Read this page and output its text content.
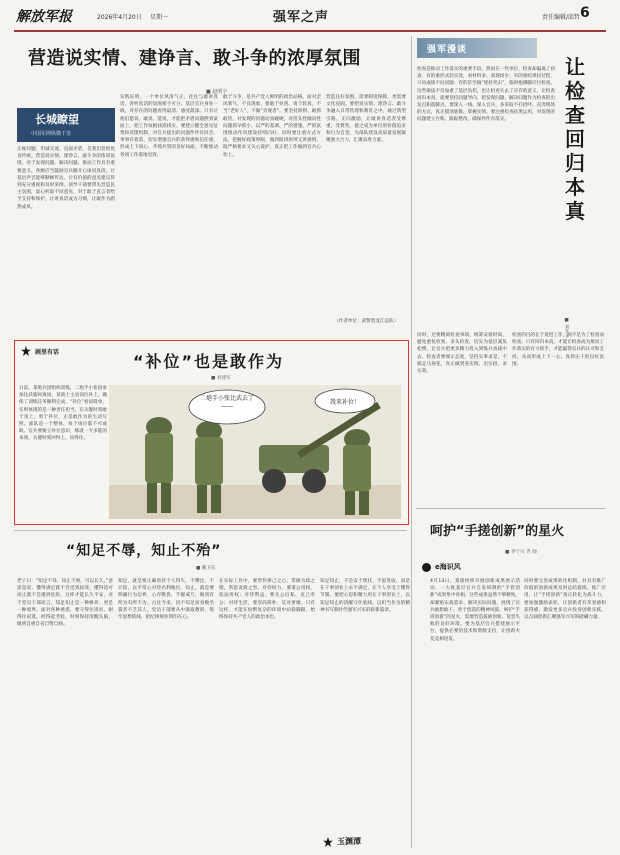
解放军报	2026年4月20日 星期一	强军之声	责任编辑/邱哲 6
营造说实情、建诤言、敢斗争的浓厚氛围
■ 赵明宇
长城瞭望
中国军网纵横千里
正视问题、坦诚交流、直面矛盾，是我们党的优良传统。营造说实情、建诤言、敢斗争的浓厚氛围，对于发现问题、解决问题、推动工作具有重要意义。各级应当鼓励官兵敞开心扉说真话，让基层声音能够顺畅传达，让有价值的意见建议得到充分重视和及时采纳。领导干部要带头营造民主氛围，虚心听取不同意见，对于敢于直言者给予支持和保护，让讲真话成为习惯，让敢作为蔚然成风。
实践证明，一个单位风清气正，往往与敢讲真话、善听真话的氛围密不可分。基层官兵身处一线，对存在的问题看得最清、感受最深。只有让他们愿说、敢说、能说，才能把矛盾问题摆到桌面上，把工作短板找准找实。要建立健全意见征集和反馈机制，对官兵提出的问题件件有回音、事事有着落，切实增强官兵的获得感和信任感，形成上下同心、齐抓共管的良好局面，不断推动各项工作落地见效。
敢于斗争，是共产党人鲜明的政治品格。面对歪风邪气、不良现象，要敢于亮剑、勇于较真，不当“老好人”，不做“旁观者”。要坚持原则、敢抓敢管，对发现的问题动真碰硬，对苗头性倾向性问题抓早抓小，以严的基调、严的措施、严的氛围推动作风建设持续向好。同时要注重方式方法，把握好政策界限，做到既讲原则又讲感情，既严格要求又关心爱护，真正把工作做到官兵心坎上。
营造良好氛围，需要制度保障，更需要文化浸润。要把说实情、建诤言、敢斗争融入日常管理和教育之中，通过典型引路、正向激励，让敢讲真话者受尊重、受褒奖，使之成为单位的价值追求和行为自觉，为部队建设高质量发展凝聚强大合力，汇聚奋进力量。
（作者单位：武警黑龙江总队）
强军漫谈
让检查回归本真
■ 刘升平
检查是推动工作落实的重要手段。然而在一些单位，检查却偏离了初衷：有的重形式轻实效，看材料多、看现场少；有的重结果轻过程，只问成绩不问问题；有的甚至搞“迎检突击”，临时抱佛脚应付检查。这些做法不仅加重了基层负担，也让检查失去了应有的意义。让检查回归本真，就要坚持问题导向，把发现问题、解决问题作为检查的出发点和落脚点。要深入一线、深入官兵，多采取不打招呼、直奔现场的方式，真正摸清底数、掌握实情。要注重检查结果运用，对发现的问题建立台账、跟踪整改，确保件件有落实。
同时，还要精简检查事项，统筹安排时间，避免重复检查、多头检查，切实为基层减负松绑，让官兵把更多精力投入到练兵备战中去。检查者要端正态度，坚持实事求是，不搞走马观花，真正做到查实情、出实招、求实效。
检查的目的在于促进工作，而不是为了检查而检查。只有回归本真，才能让检查成为推动工作落实的有力抓手，才能赢得官兵的认可和支持，从而形成上下一心、真抓实干的良好氛围。
呵护“手搓创新”的星火
■ 李宁川 齐 帅
e海识风
4月13日，某旅组织开展创新成果展示活动，一大批基层官兵自发研制的“手搓创新”成果集中亮相。这些成果虽然不够精致，却紧贴实战需求、解决实际问题，展现了官兵敢想敢干、善于创造的精神风貌。呵护“手搓创新”的星火，需要营造鼓励创新、宽容失败的良好环境。要为基层官兵搭建展示平台，提供必要的技术和资源支持，让创新火花竞相迸发。
同时要完善成果转化机制，对具有推广价值的创新成果及时总结提炼、推广应用，让“手搓创新”真正转化为战斗力。要加强激励表彰，让创新者有荣誉感和获得感，激发更多官兵投身创新实践，以点滴创新汇聚强军兴军的磅礴力量。
画里有话	“补位”也是敢作为
■ 刘建军
日前，某炮兵团组织训练，二炮手小张因参加比武临时离岗，某战士主动顶位补上，确保了训练任务顺利完成。“补位”看似简单，实则体现的是一种责任担当。在关键时刻敢于顶上、勇于补位，正是敢作为的生动写照。部队是一个整体，每个岗位都不可或缺。官兵要树立补位意识，练就一专多能的本领，关键时刻冲得上、顶得住。
二炮手小张比武去了——
我来补位！
“知足不辱，知止不殆”
■ 戴卫东
老子曰：“知足不辱，知止不殆，可以长久。”意思是说，懂得满足就不会受到屈辱，懂得适可而止就不会遇到危险，这样才能长久平安。对于党员干部而言，知足知止是一种修养，更是一种境界。面对各种诱惑，要守得住清贫、耐得住寂寞、经得起考验，时刻保持清醒头脑，做到自重自省自警自励。
知足，就是要正确看待个人得失，不攀比、不计较，以平常心对待名利地位。知止，就是要明确行为边界，心存敬畏、手握戒尺，做到有所为有所不为。古往今来，因不知足而身败名裂者不乏其人。党员干部要从中汲取教训，筑牢思想防线，把纪律规矩刻印在心。
在实际工作中，要常怀律己之心，常修为政之德，常思贪欲之害。对待权力，要秉公用权、依法用权；对待利益，要先公后私、克己奉公；对待生活，要崇尚简朴、反对奢靡。只有这样，才能在纷繁复杂的环境中站稳脚跟，始终保持共产党人的政治本色。
知足知止，不是安于现状、不思进取，而是在干事创业上永不满足，在个人享受上懂得节制。要把心思和精力用在干事创业上，以知足知止的清醒守住底线，以担当作为的精神书写新时代强军兴军的崭新篇章。
玉渊潭
